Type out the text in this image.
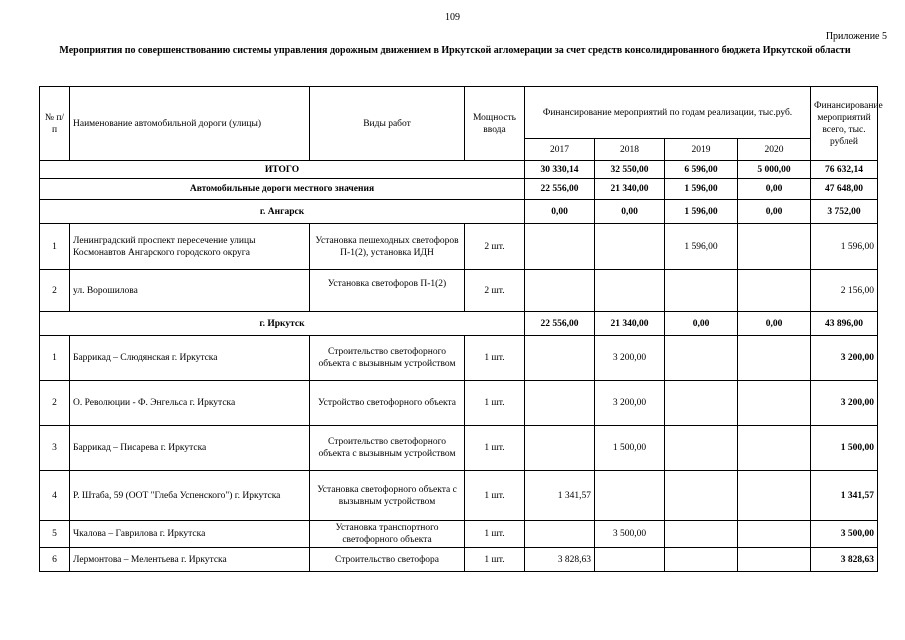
109
Приложение 5
Мероприятия по совершенствованию системы управления дорожным движением в Иркутской агломерации за счет средств консолидированного бюджета Иркутской области
№ п/п	Наименование автомобильной дороги (улицы)	Виды работ	Мощность ввода	Финансирование мероприятий по годам реализации, тыс.руб.				Финансирование мероприятий всего, тыс. рублей
				2017	2018	2019	2020	
ИТОГО				30 330,14	32 550,00	6 596,00	5 000,00	76 632,14
Автомобильные дороги местного значения				22 556,00	21 340,00	1 596,00	0,00	47 648,00
г. Ангарск				0,00	0,00	1 596,00	0,00	3 752,00
1	Ленинградский проспект пересечение улицы Космонавтов Ангарского городского округа	Установка пешеходных светофоров П-1(2), установка ИДН	2 шт.			1 596,00		1 596,00
2	ул. Ворошилова	Установка светофоров П-1(2)	2 шт.					2 156,00
г. Иркутск				22 556,00	21 340,00	0,00	0,00	43 896,00
1	Баррикад – Слюдянская г. Иркутска	Строительство светофорного объекта с вызывным устройством	1 шт.		3 200,00			3 200,00
2	О. Революции - Ф. Энгельса г. Иркутска	Устройство светофорного объекта	1 шт.		3 200,00			3 200,00
3	Баррикад – Писарева г. Иркутска	Строительство светофорного объекта с вызывным устройством	1 шт.		1 500,00			1 500,00
4	Р. Штаба, 59 (ООТ "Глеба Успенского") г. Иркутска	Установка светофорного объекта с вызывным устройством	1 шт.	1 341,57				1 341,57
5	Чкалова – Гаврилова г. Иркутска	Установка транспортного светофорного объекта	1 шт.		3 500,00			3 500,00
6	Лермонтова – Мелентьева г. Иркутска	Строительство светофора	1 шт.	3 828,63				3 828,63
